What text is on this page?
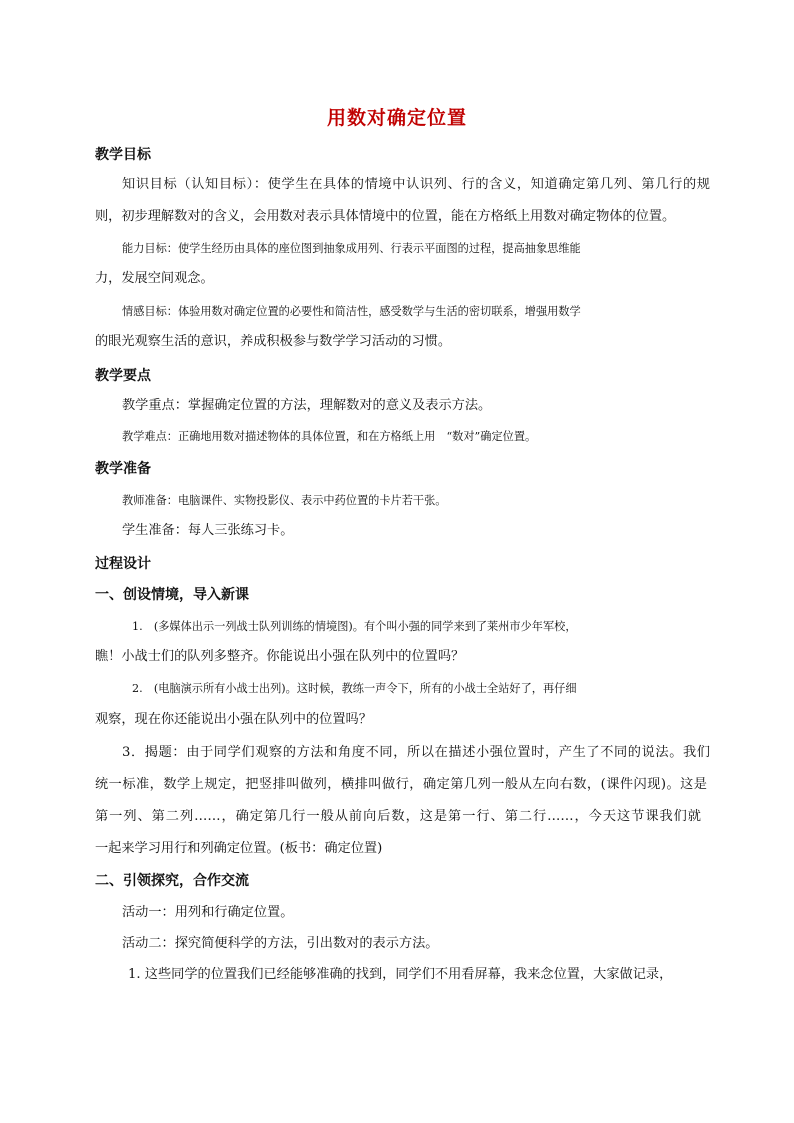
用数对确定位置
教学目标
知识目标（认知目标）：使学生在具体的情境中认识列、行的含义，知道确定第几列、第几行的规
则，初步理解数对的含义，会用数对表示具体情境中的位置，能在方格纸上用数对确定物体的位置。
能力目标：使学生经历由具体的座位图到抽象成用列、行表示平面图的过程，提高抽象思维能
力，发展空间观念。
情感目标：体验用数对确定位置的必要性和简洁性，感受数学与生活的密切联系，增强用数学
的眼光观察生活的意识，养成积极参与数学学习活动的习惯。
教学要点
教学重点：掌握确定位置的方法，理解数对的意义及表示方法。
教学难点：正确地用数对描述物体的具体位置，和在方格纸上用　“数对”确定位置。
教学准备
教师准备：电脑课件、实物投影仪、表示中药位置的卡片若干张。
学生准备：每人三张练习卡。
过程设计
一、创设情境，导入新课
1.　(多媒体出示一列战士队列训练的情境图)。有个叫小强的同学来到了莱州市少年军校，
瞧！小战士们的队列多整齐。你能说出小强在队列中的位置吗？
2.　(电脑演示所有小战士出列)。这时候，教练一声令下，所有的小战士全站好了，再仔细
观察，现在你还能说出小强在队列中的位置吗？
3．揭题：由于同学们观察的方法和角度不同，所以在描述小强位置时，产生了不同的说法。我们
统一标准，数学上规定，把竖排叫做列，横排叫做行，确定第几列一般从左向右数，(课件闪现)。这是
第一列、第二列……，确定第几行一般从前向后数，这是第一行、第二行……，今天这节课我们就
一起来学习用行和列确定位置。(板书：确定位置)
二、引领探究，合作交流
活动一：用列和行确定位置。
活动二：探究简便科学的方法，引出数对的表示方法。
1. 这些同学的位置我们已经能够准确的找到，同学们不用看屏幕，我来念位置，大家做记录，
